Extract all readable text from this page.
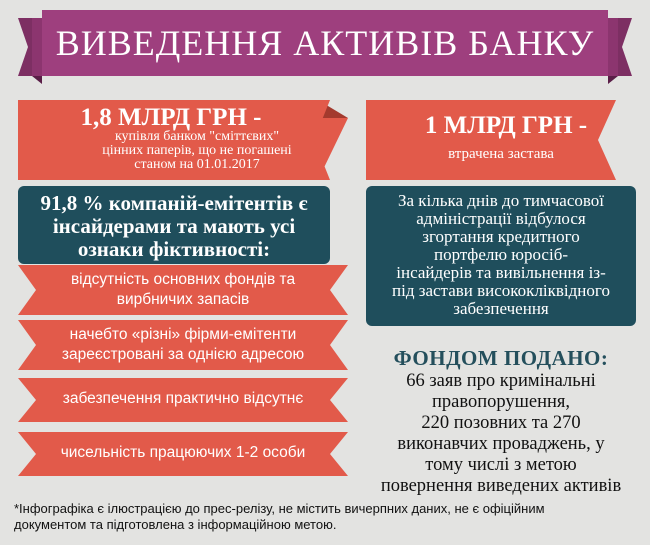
ВИВЕДЕННЯ АКТИВІВ БАНКУ
1,8 МЛРД ГРН -
купівля банком "сміттєвих"
цінних паперів, що не погашені
станом на 01.01.2017
1 МЛРД ГРН -
втрачена застава
91,8 % компаній-емітентів є
інсайдерами та мають усі
ознаки фіктивності:
відсутність основних фондів та
вирбничих запасів
начебто «різні» фірми-емітенти
зареєстровані за однією адресою
забезпечення практично відсутнє
чисельність працюючих 1-2 особи
За кілька днів до тимчасової
адміністрації відбулося
згортання кредитного
портфелю юросіб-
інсайдерів та вивільнення із-
під застави висококліквідного
забезпечення
ФОНДОМ ПОДАНО:
66 заяв про кримінальні
правопорушення,
220 позовних та 270
виконавчих проваджень, у
тому числі з метою
повернення виведених активів
*Інфографіка є ілюстрацією до прес-релізу, не містить вичерпних даних, не є офіційним
документом та підготовлена з інформаційною метою.
